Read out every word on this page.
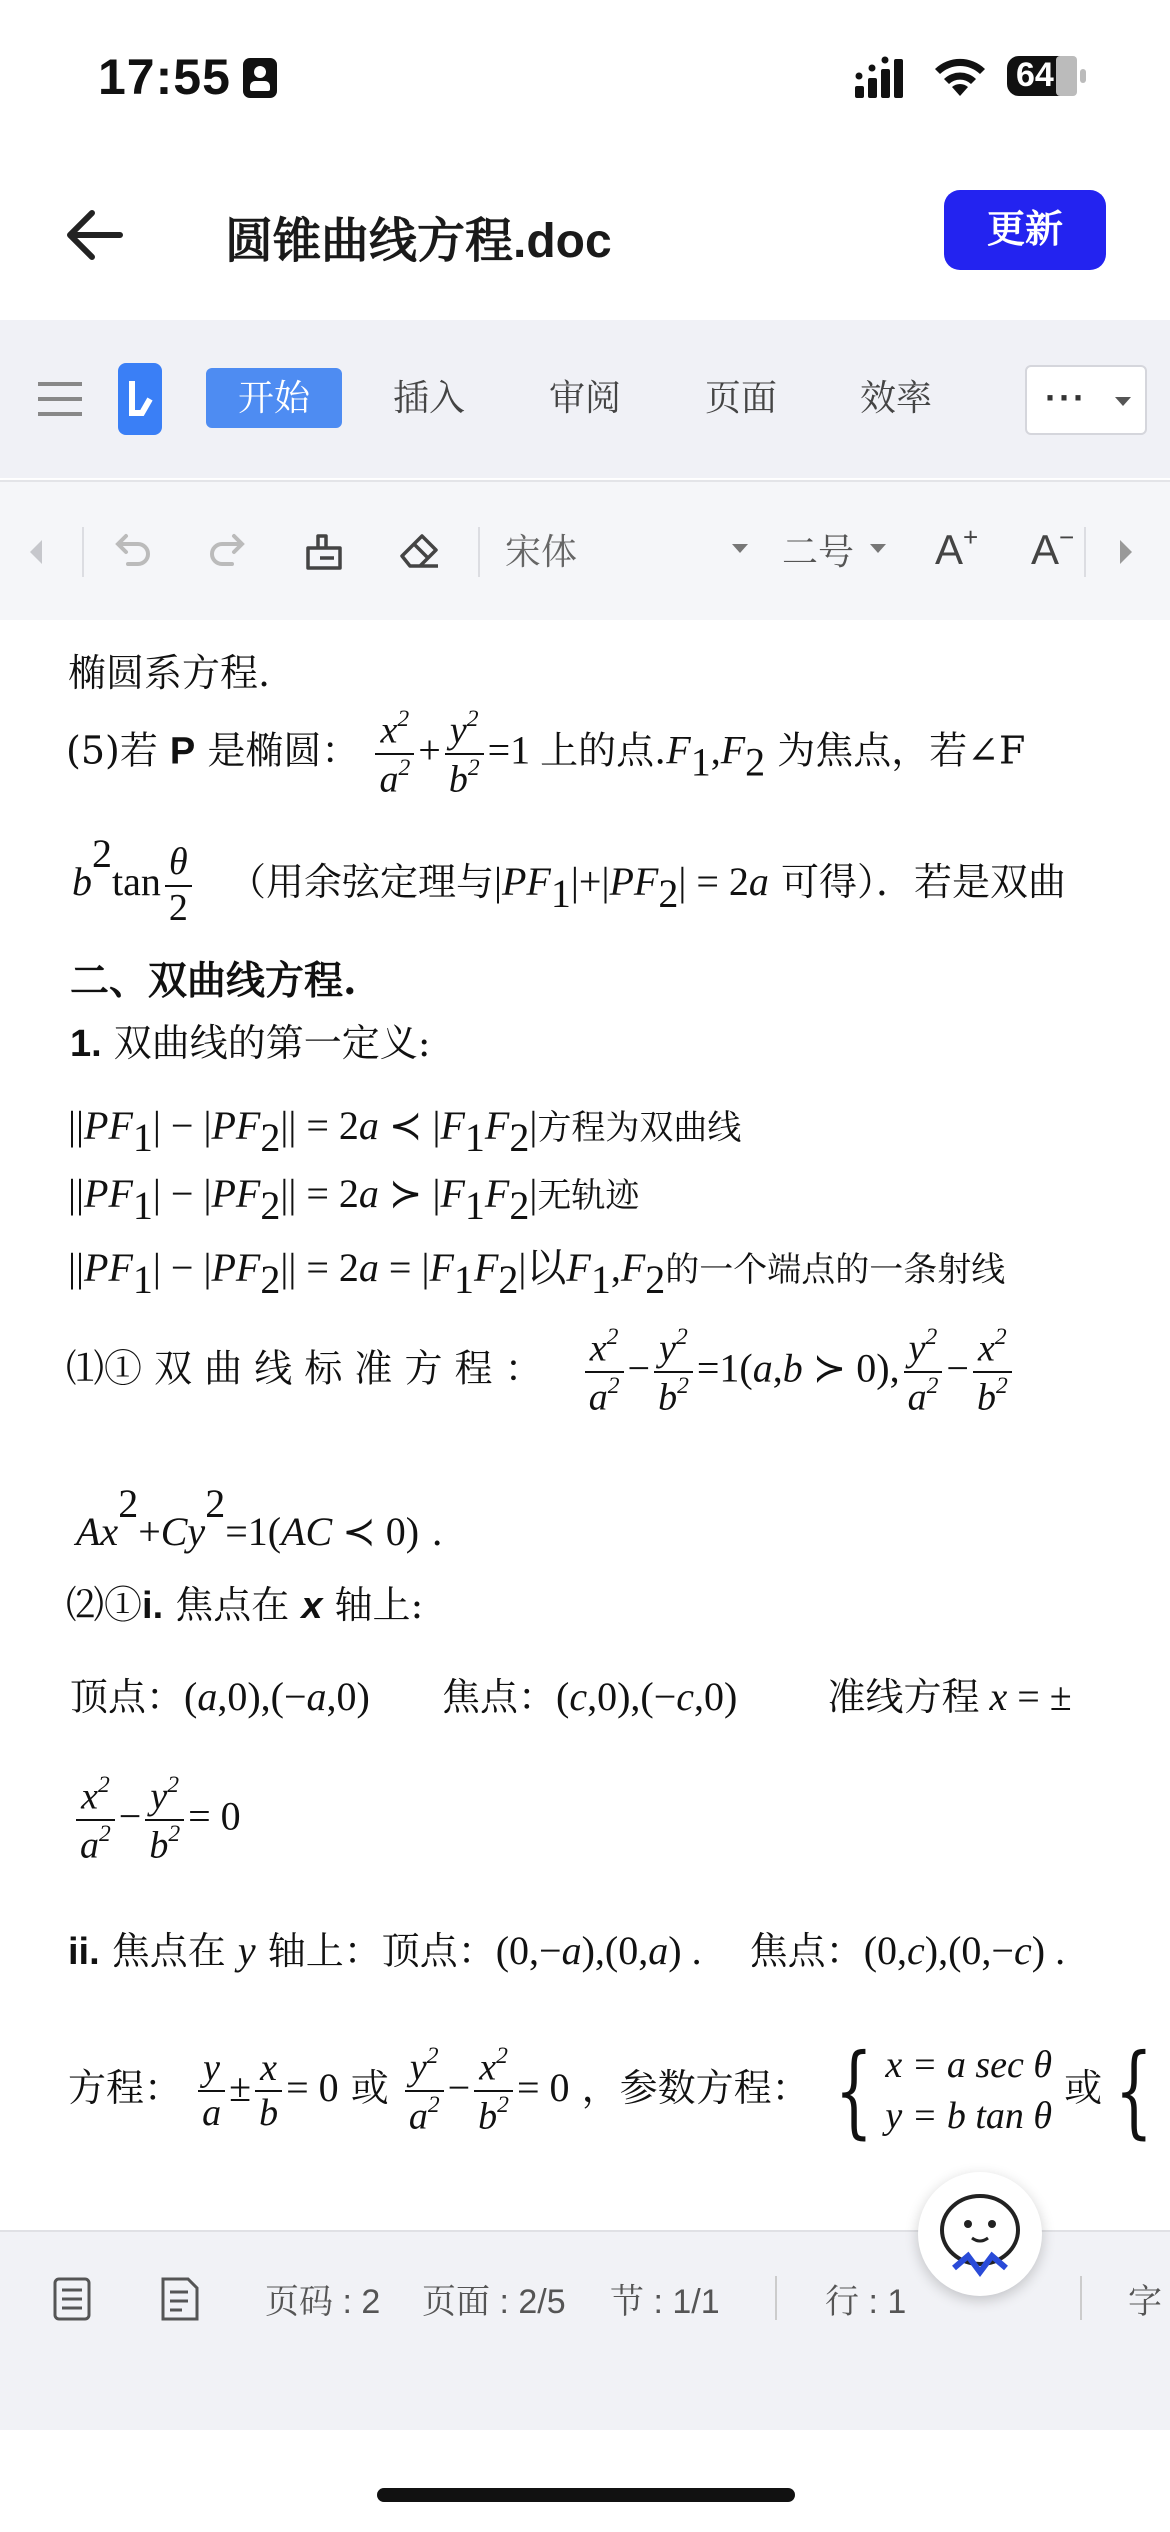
17:55	64
圆锥曲线方程.doc	更新
开始	插入 审阅 页面 效率	···
宋体	二号 A+ A−
椭圆系方程.
(5)若 P 是椭圆： $\frac{x^2}{a^2} + \frac{y^2}{b^2} =1$ 上的点$.F_1,F_2$ 为焦点，若∠F
$b^2\tan \frac{\theta}{2}$ （用余弦定理与$|PF_1|+|PF_2| = 2a$ 可得）．若是双曲
二、双曲线方程.
1. 双曲线的第一定义:
$||PF_1| - |PF_2|| = 2a$ ≺ $|F_1F_2|$方程为双曲线
$||PF_1| - |PF_2|| = 2a$ ≻ $|F_1F_2|$无轨迹
$||PF_1| - |PF_2|| = 2a = |F_1F_2|$以$F_1,F_2$的一个端点的一条射线
⑴① 双 曲 线 标 准 方 程 ： $\frac{x^2}{a^2} - \frac{y^2}{b^2} =1(a,b$ ≻ 0), $\frac{y^2}{a^2} - \frac{x^2}{b^2}$
$Ax^2+Cy^2=1(AC$ ≺ 0) .
⑵①i. 焦点在 x 轴上:
顶点：(a,0),(−a,0) 焦点：(c,0),(−c,0) 准线方程 x = ±
$\frac{x^2}{a^2} - \frac{y^2}{b^2} = 0$
ii. 焦点在 y 轴上：顶点：(0,−a),(0,a) . 焦点：(0,c),(0,−c) .
方程： $\frac{y}{a} \pm \frac{x}{b} = 0$ 或 $\frac{y^2}{a^2} - \frac{x^2}{b^2} = 0$ ，参数方程： { x = a sec θ
y = b tan θ
或 {
页码 : 2 页面 : 2/5 节 : 1/1	行 : 1	字
